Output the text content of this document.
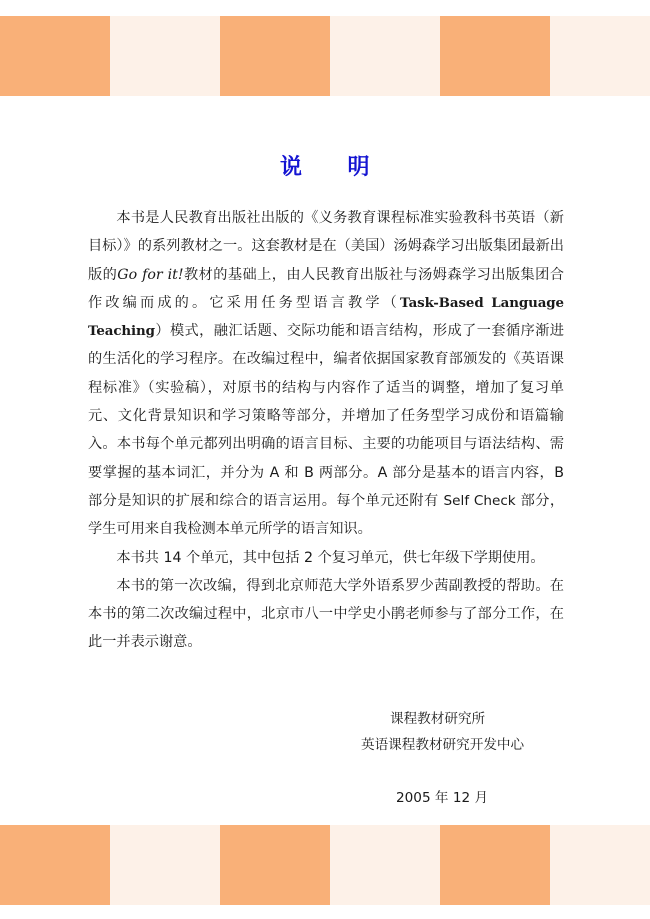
说　　明

本书是人民教育出版社出版的《义务教育课程标准实验教科书英语（新目标）》的系列教材之一。这套教材是在（美国）汤姆森学习出版集团最新出版的Go for it!教材的基础上，由人民教育出版社与汤姆森学习出版集团合作改编而成的。它采用任务型语言教学（Task-Based Language Teaching）模式，融汇话题、交际功能和语言结构，形成了一套循序渐进的生活化的学习程序。在改编过程中，编者依据国家教育部颁发的《英语课程标准》（实验稿），对原书的结构与内容作了适当的调整，增加了复习单元、文化背景知识和学习策略等部分，并增加了任务型学习成份和语篇输入。本书每个单元都列出明确的语言目标、主要的功能项目与语法结构、需要掌握的基本词汇，并分为 A 和 B 两部分。A 部分是基本的语言内容，B 部分是知识的扩展和综合的语言运用。每个单元还附有 Self Check 部分，学生可用来自我检测本单元所学的语言知识。

本书共 14 个单元，其中包括 2 个复习单元，供七年级下学期使用。

本书的第一次改编，得到北京师范大学外语系罗少茜副教授的帮助。在本书的第二次改编过程中，北京市八一中学史小鹃老师参与了部分工作，在此一并表示谢意。

课程教材研究所
英语课程教材研究开发中心
2005 年 12 月
